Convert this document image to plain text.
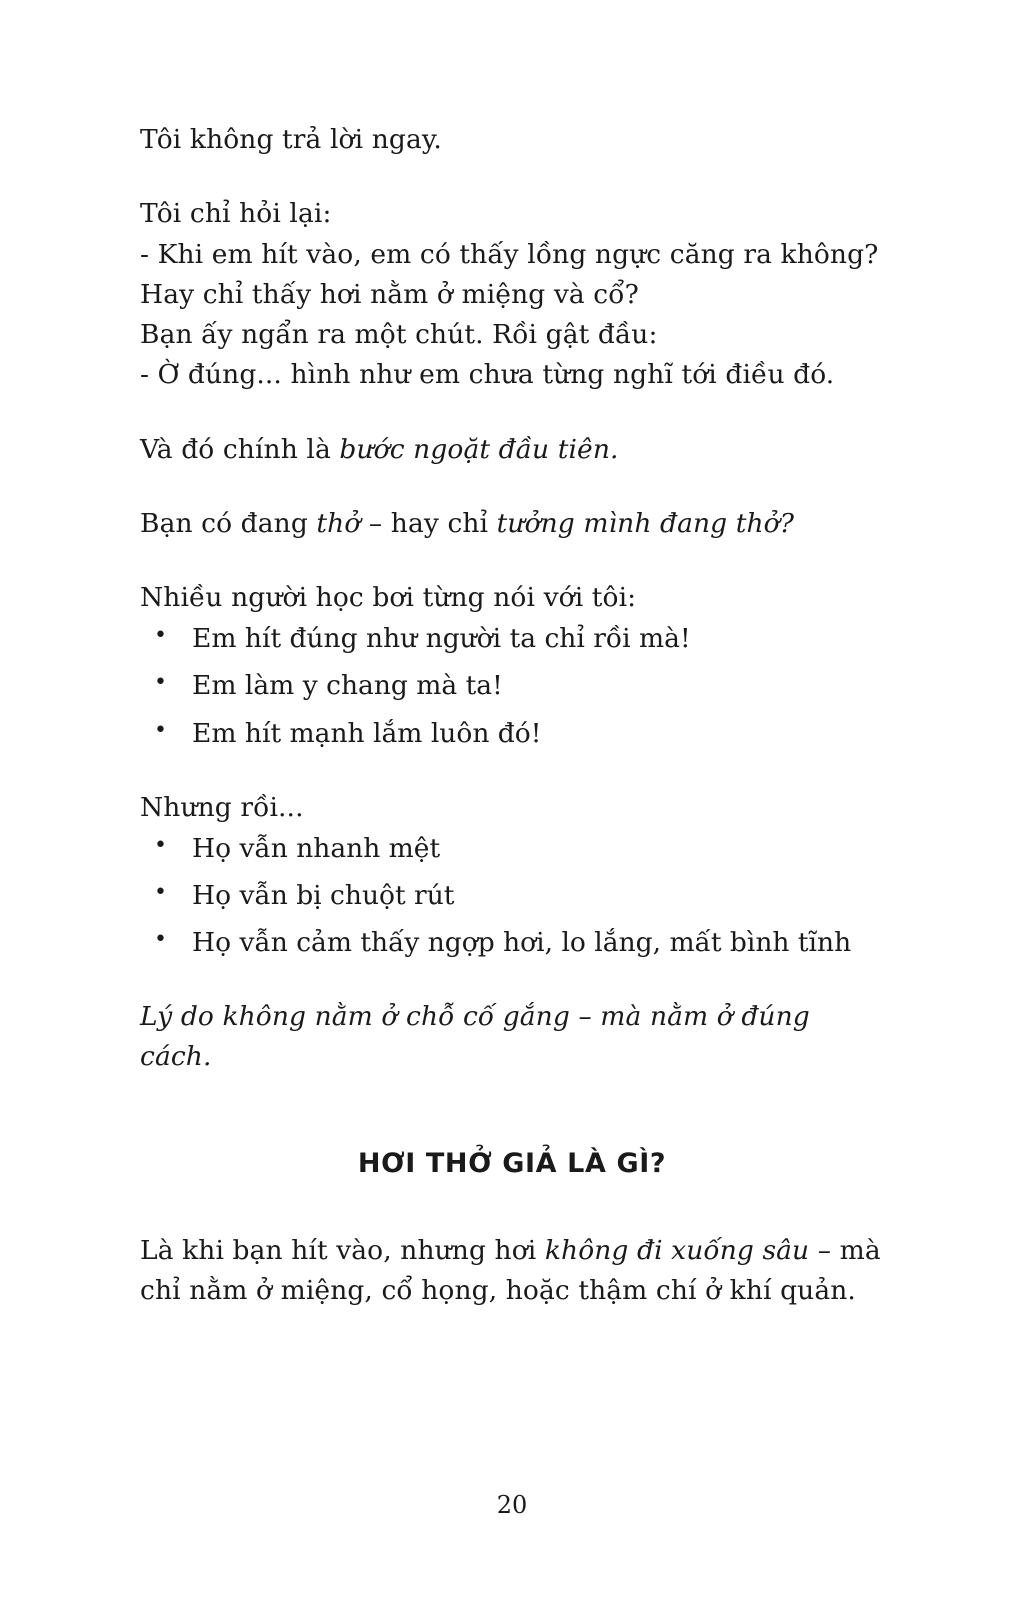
Tôi không trả lời ngay.

Tôi chỉ hỏi lại:
- Khi em hít vào, em có thấy lồng ngực căng ra không?
Hay chỉ thấy hơi nằm ở miệng và cổ?
Bạn ấy ngẩn ra một chút. Rồi gật đầu:
- Ờ đúng... hình như em chưa từng nghĩ tới điều đó.

Và đó chính là bước ngoặt đầu tiên.

Bạn có đang thở – hay chỉ tưởng mình đang thở?

Nhiều người học bơi từng nói với tôi:

• Em hít đúng như người ta chỉ rồi mà!
• Em làm y chang mà ta!
• Em hít mạnh lắm luôn đó!

Nhưng rồi...

• Họ vẫn nhanh mệt
• Họ vẫn bị chuột rút
• Họ vẫn cảm thấy ngợp hơi, lo lắng, mất bình tĩnh

Lý do không nằm ở chỗ cố gắng – mà nằm ở đúng cách.

HƠI THỞ GIẢ LÀ GÌ?

Là khi bạn hít vào, nhưng hơi không đi xuống sâu – mà chỉ nằm ở miệng, cổ họng, hoặc thậm chí ở khí quản.

20
